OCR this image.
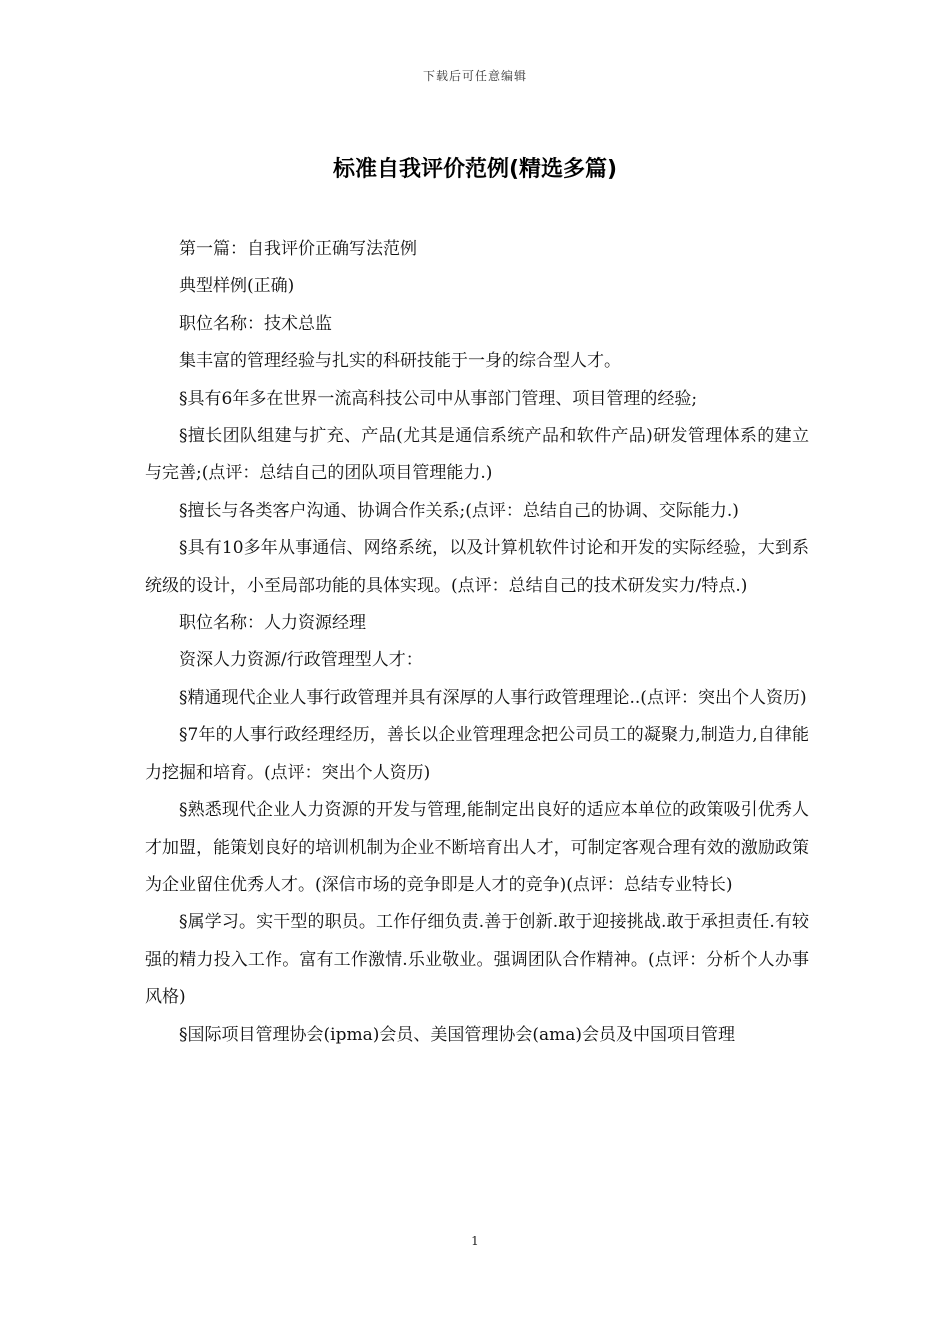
下载后可任意编辑
标准自我评价范例(精选多篇)

第一篇：自我评价正确写法范例

典型样例(正确)

职位名称：技术总监

集丰富的管理经验与扎实的科研技能于一身的综合型人才。

§具有6年多在世界一流高科技公司中从事部门管理、项目管理的经验;

§擅长团队组建与扩充、产品(尤其是通信系统产品和软件产品)研发管理体系的建立与完善;(点评：总结自己的团队项目管理能力.)

§擅长与各类客户沟通、协调合作关系;(点评：总结自己的协调、交际能力.)

§具有10多年从事通信、网络系统，以及计算机软件讨论和开发的实际经验，大到系统级的设计，小至局部功能的具体实现。(点评：总结自己的技术研发实力/特点.)

职位名称：人力资源经理

资深人力资源/行政管理型人才：

§精通现代企业人事行政管理并具有深厚的人事行政管理理论..(点评：突出个人资历)

§7年的人事行政经理经历，善长以企业管理理念把公司员工的凝聚力,制造力,自律能力挖掘和培育。(点评：突出个人资历)

§熟悉现代企业人力资源的开发与管理,能制定出良好的适应本单位的政策吸引优秀人才加盟，能策划良好的培训机制为企业不断培育出人才，可制定客观合理有效的激励政策为企业留住优秀人才。(深信市场的竞争即是人才的竞争)(点评：总结专业特长)

§属学习。实干型的职员。工作仔细负责.善于创新.敢于迎接挑战.敢于承担责任.有较强的精力投入工作。富有工作激情.乐业敬业。强调团队合作精神。(点评：分析个人办事风格)

§国际项目管理协会(ipma)会员、美国管理协会(ama)会员及中国项目管理

1
